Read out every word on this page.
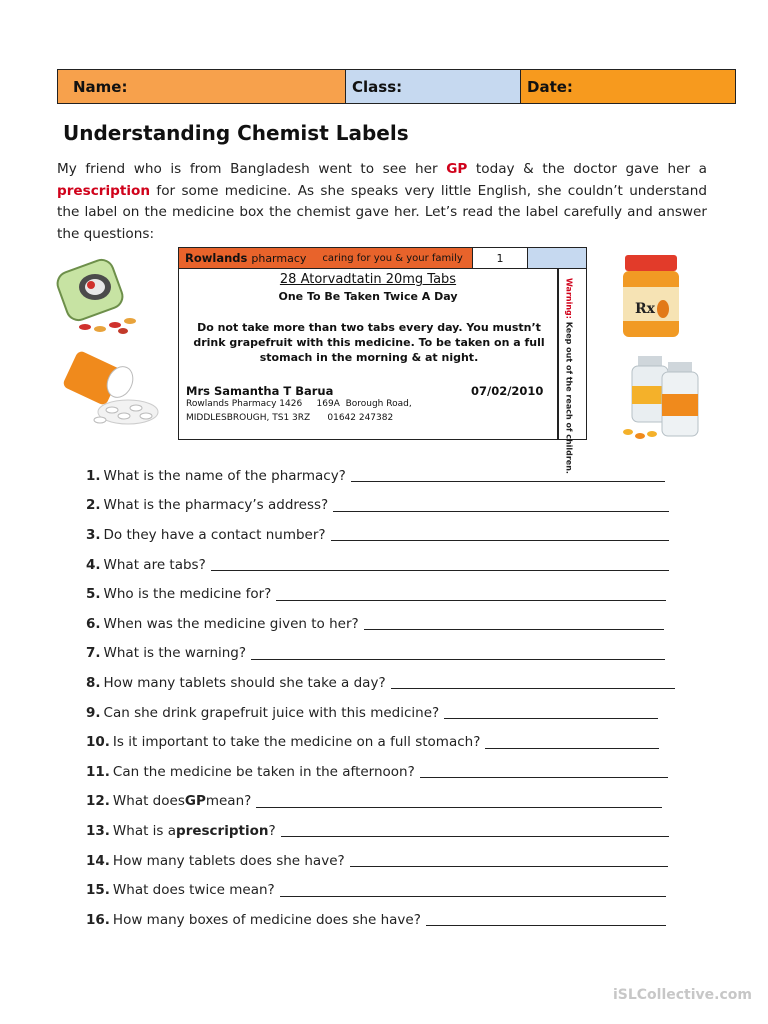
Name:	Class:	Date:
Understanding Chemist Labels
My friend who is from Bangladesh went to see her GP today & the doctor gave her a prescription for some medicine. As she speaks very little English, she couldn’t understand the label on the medicine box the chemist gave her. Let’s read the label carefully and answer the questions:
Rx
Rowlands pharmacy caring for you & your family	1
28 Atorvadtatin 20mg Tabs
One To Be Taken Twice A Day
Do not take more than two tabs every day. You mustn’t drink grapefruit with this medicine. To be taken on a full stomach in the morning & at night.
Mrs Samantha T Barua	07/02/2010
Rowlands Pharmacy 1426     169A  Borough Road,
MIDDLESBROUGH, TS1 3RZ      01642 247382
Warning: Keep out of the reach of children.
1. What is the name of the pharmacy?
2. What is the pharmacy’s address?
3. Do they have a contact number?
4. What are tabs?
5. Who is the medicine for?
6. When was the medicine given to her?
7. What is the warning?
8. How many tablets should she take a day?
9. Can she drink grapefruit juice with this medicine?
10. Is it important to take the medicine on a full stomach?
11. Can the medicine be taken in the afternoon?
12. What does GP mean?
13. What is a prescription ?
14. How many tablets does she have?
15. What does twice mean?
16. How many boxes of medicine does she have?
iSLCollective.com
